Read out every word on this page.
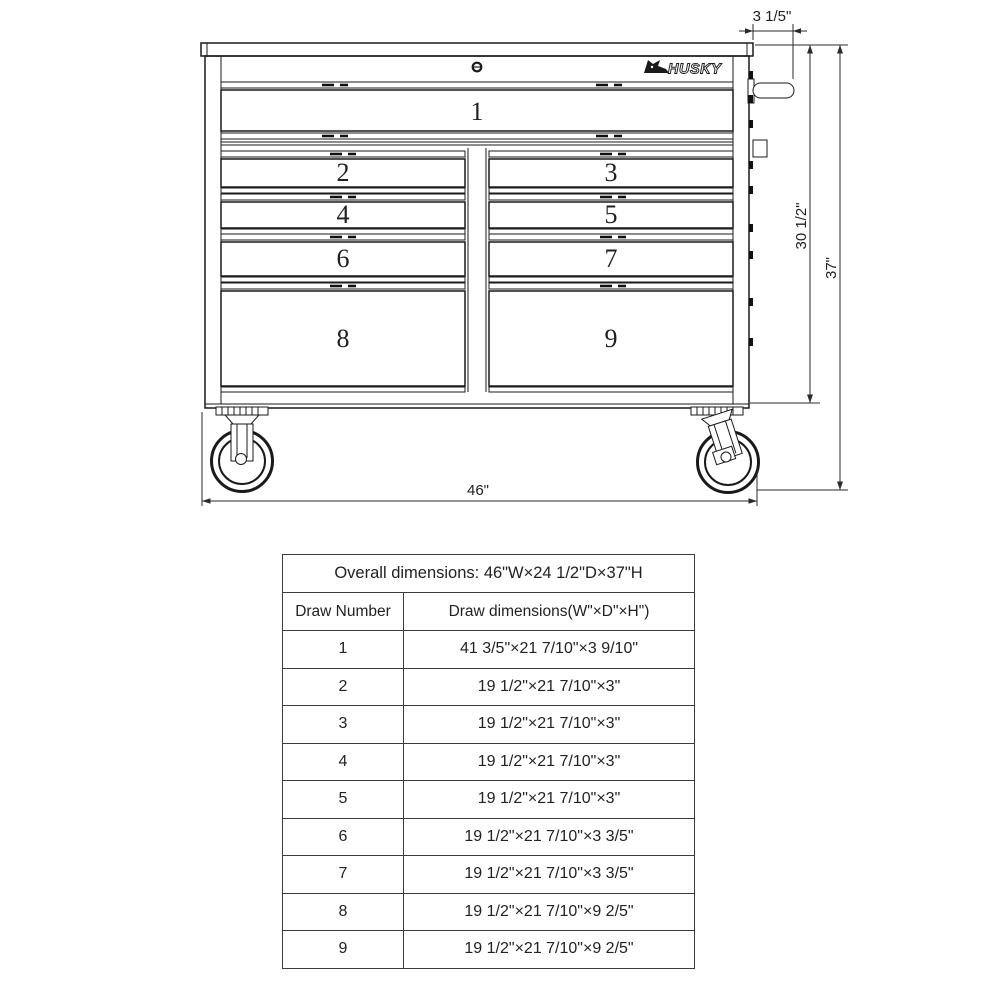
HUSKY
1
2
4
6
8
3
5
7
9
3 1/5"
30 1/2"
37"
46"
Overall dimensions: 46"W×24 1/2"D×37"H	
Draw Number	Draw dimensions(W"×D"×H")
1	41 3/5"×21 7/10"×3 9/10"
2	19 1/2"×21 7/10"×3"
3	19 1/2"×21 7/10"×3"
4	19 1/2"×21 7/10"×3"
5	19 1/2"×21 7/10"×3"
6	19 1/2"×21 7/10"×3 3/5"
7	19 1/2"×21 7/10"×3 3/5"
8	19 1/2"×21 7/10"×9 2/5"
9	19 1/2"×21 7/10"×9 2/5"
